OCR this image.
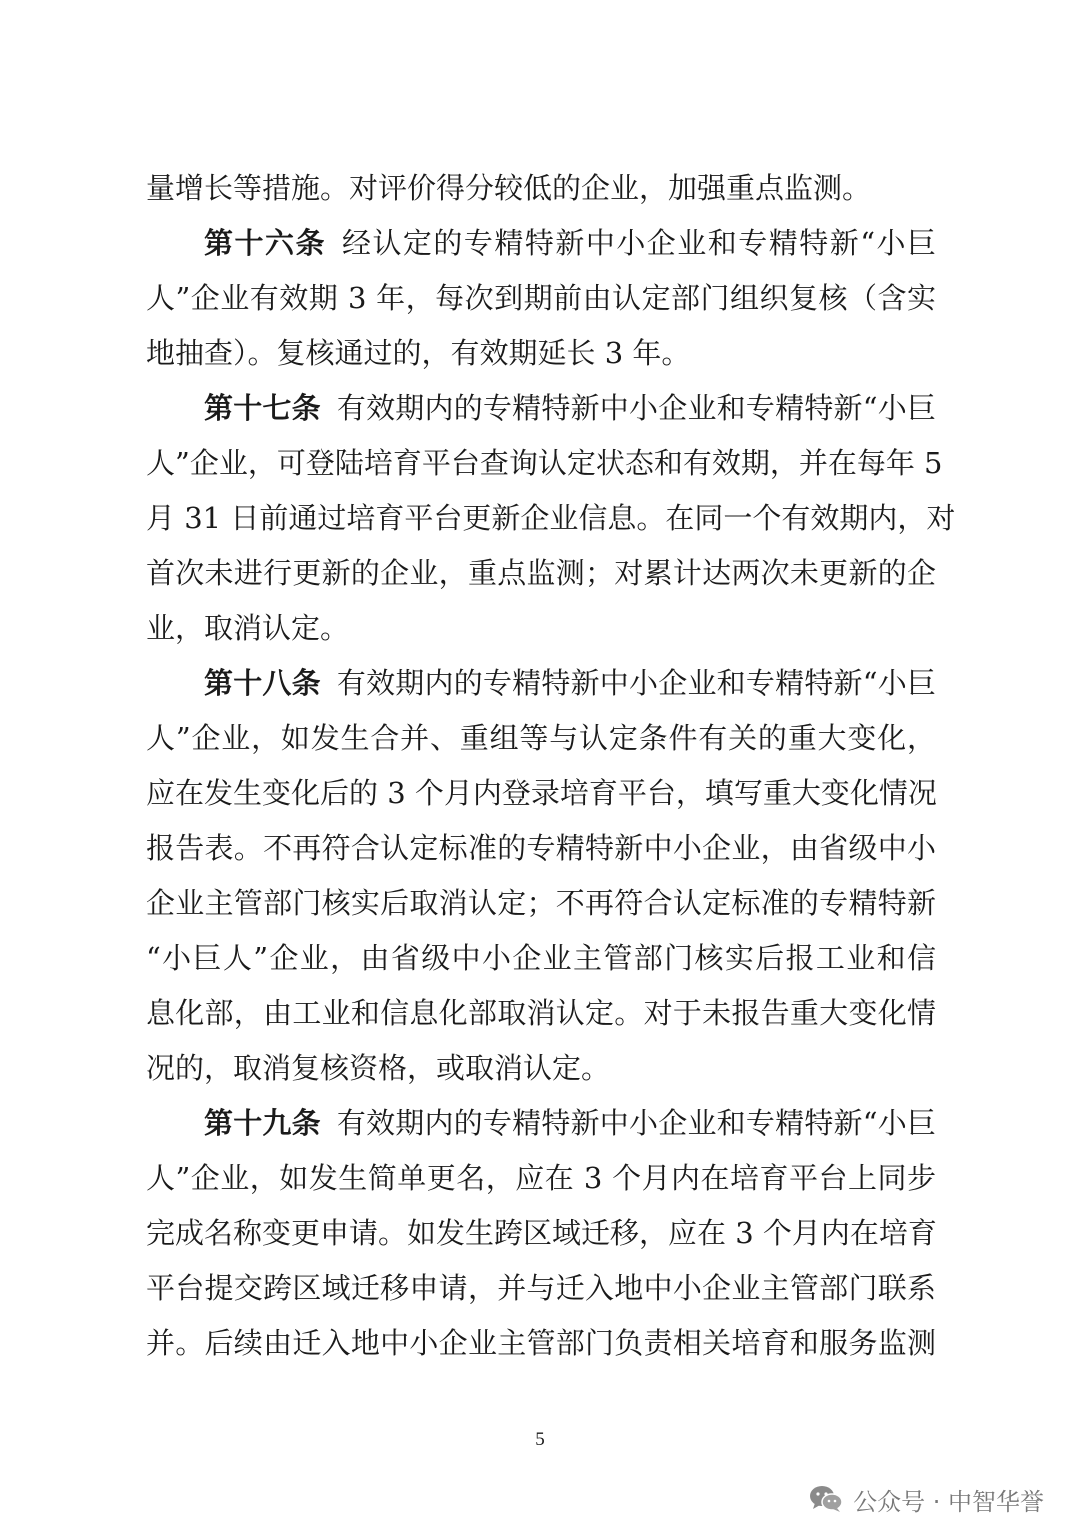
量增长等措施。对评价得分较低的企业，加强重点监测。
第十六条 经认定的专精特新中小企业和专精特新“小巨
人”企业有效期 3 年，每次到期前由认定部门组织复核（含实
地抽查）。复核通过的，有效期延长 3 年。
第十七条 有效期内的专精特新中小企业和专精特新“小巨
人”企业，可登陆培育平台查询认定状态和有效期，并在每年 5
月 31 日前通过培育平台更新企业信息。在同一个有效期内，对
首次未进行更新的企业，重点监测；对累计达两次未更新的企
业，取消认定。
第十八条 有效期内的专精特新中小企业和专精特新“小巨
人”企业，如发生合并、重组等与认定条件有关的重大变化，
应在发生变化后的 3 个月内登录培育平台，填写重大变化情况
报告表。不再符合认定标准的专精特新中小企业，由省级中小
企业主管部门核实后取消认定；不再符合认定标准的专精特新
“小巨人”企业，由省级中小企业主管部门核实后报工业和信
息化部，由工业和信息化部取消认定。对于未报告重大变化情
况的，取消复核资格，或取消认定。
第十九条 有效期内的专精特新中小企业和专精特新“小巨
人”企业，如发生简单更名，应在 3 个月内在培育平台上同步
完成名称变更申请。如发生跨区域迁移，应在 3 个月内在培育
平台提交跨区域迁移申请，并与迁入地中小企业主管部门联系
并。后续由迁入地中小企业主管部门负责相关培育和服务监测
5
公众号 · 中智华誉
